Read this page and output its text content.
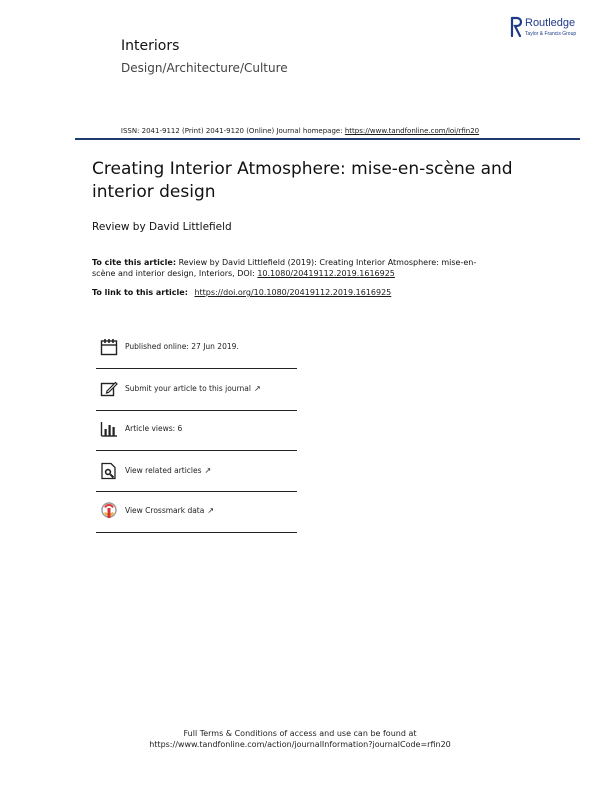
Interiors
Design/Architecture/Culture
Routledge
Taylor & Francis Group
ISSN: 2041-9112 (Print) 2041-9120 (Online) Journal homepage: https://www.tandfonline.com/loi/rfin20
Creating Interior Atmosphere: mise-en-scène and interior design
Review by David Littlefield
To cite this article: Review by David Littlefield (2019): Creating Interior Atmosphere: mise-en-scène and interior design, Interiors, DOI: 10.1080/20419112.2019.1616925
To link to this article: https://doi.org/10.1080/20419112.2019.1616925
Published online: 27 Jun 2019.
Submit your article to this journal ↗︎
Article views: 6
View related articles ↗︎
View Crossmark data ↗︎
Full Terms & Conditions of access and use can be found at
https://www.tandfonline.com/action/journalInformation?journalCode=rfin20
